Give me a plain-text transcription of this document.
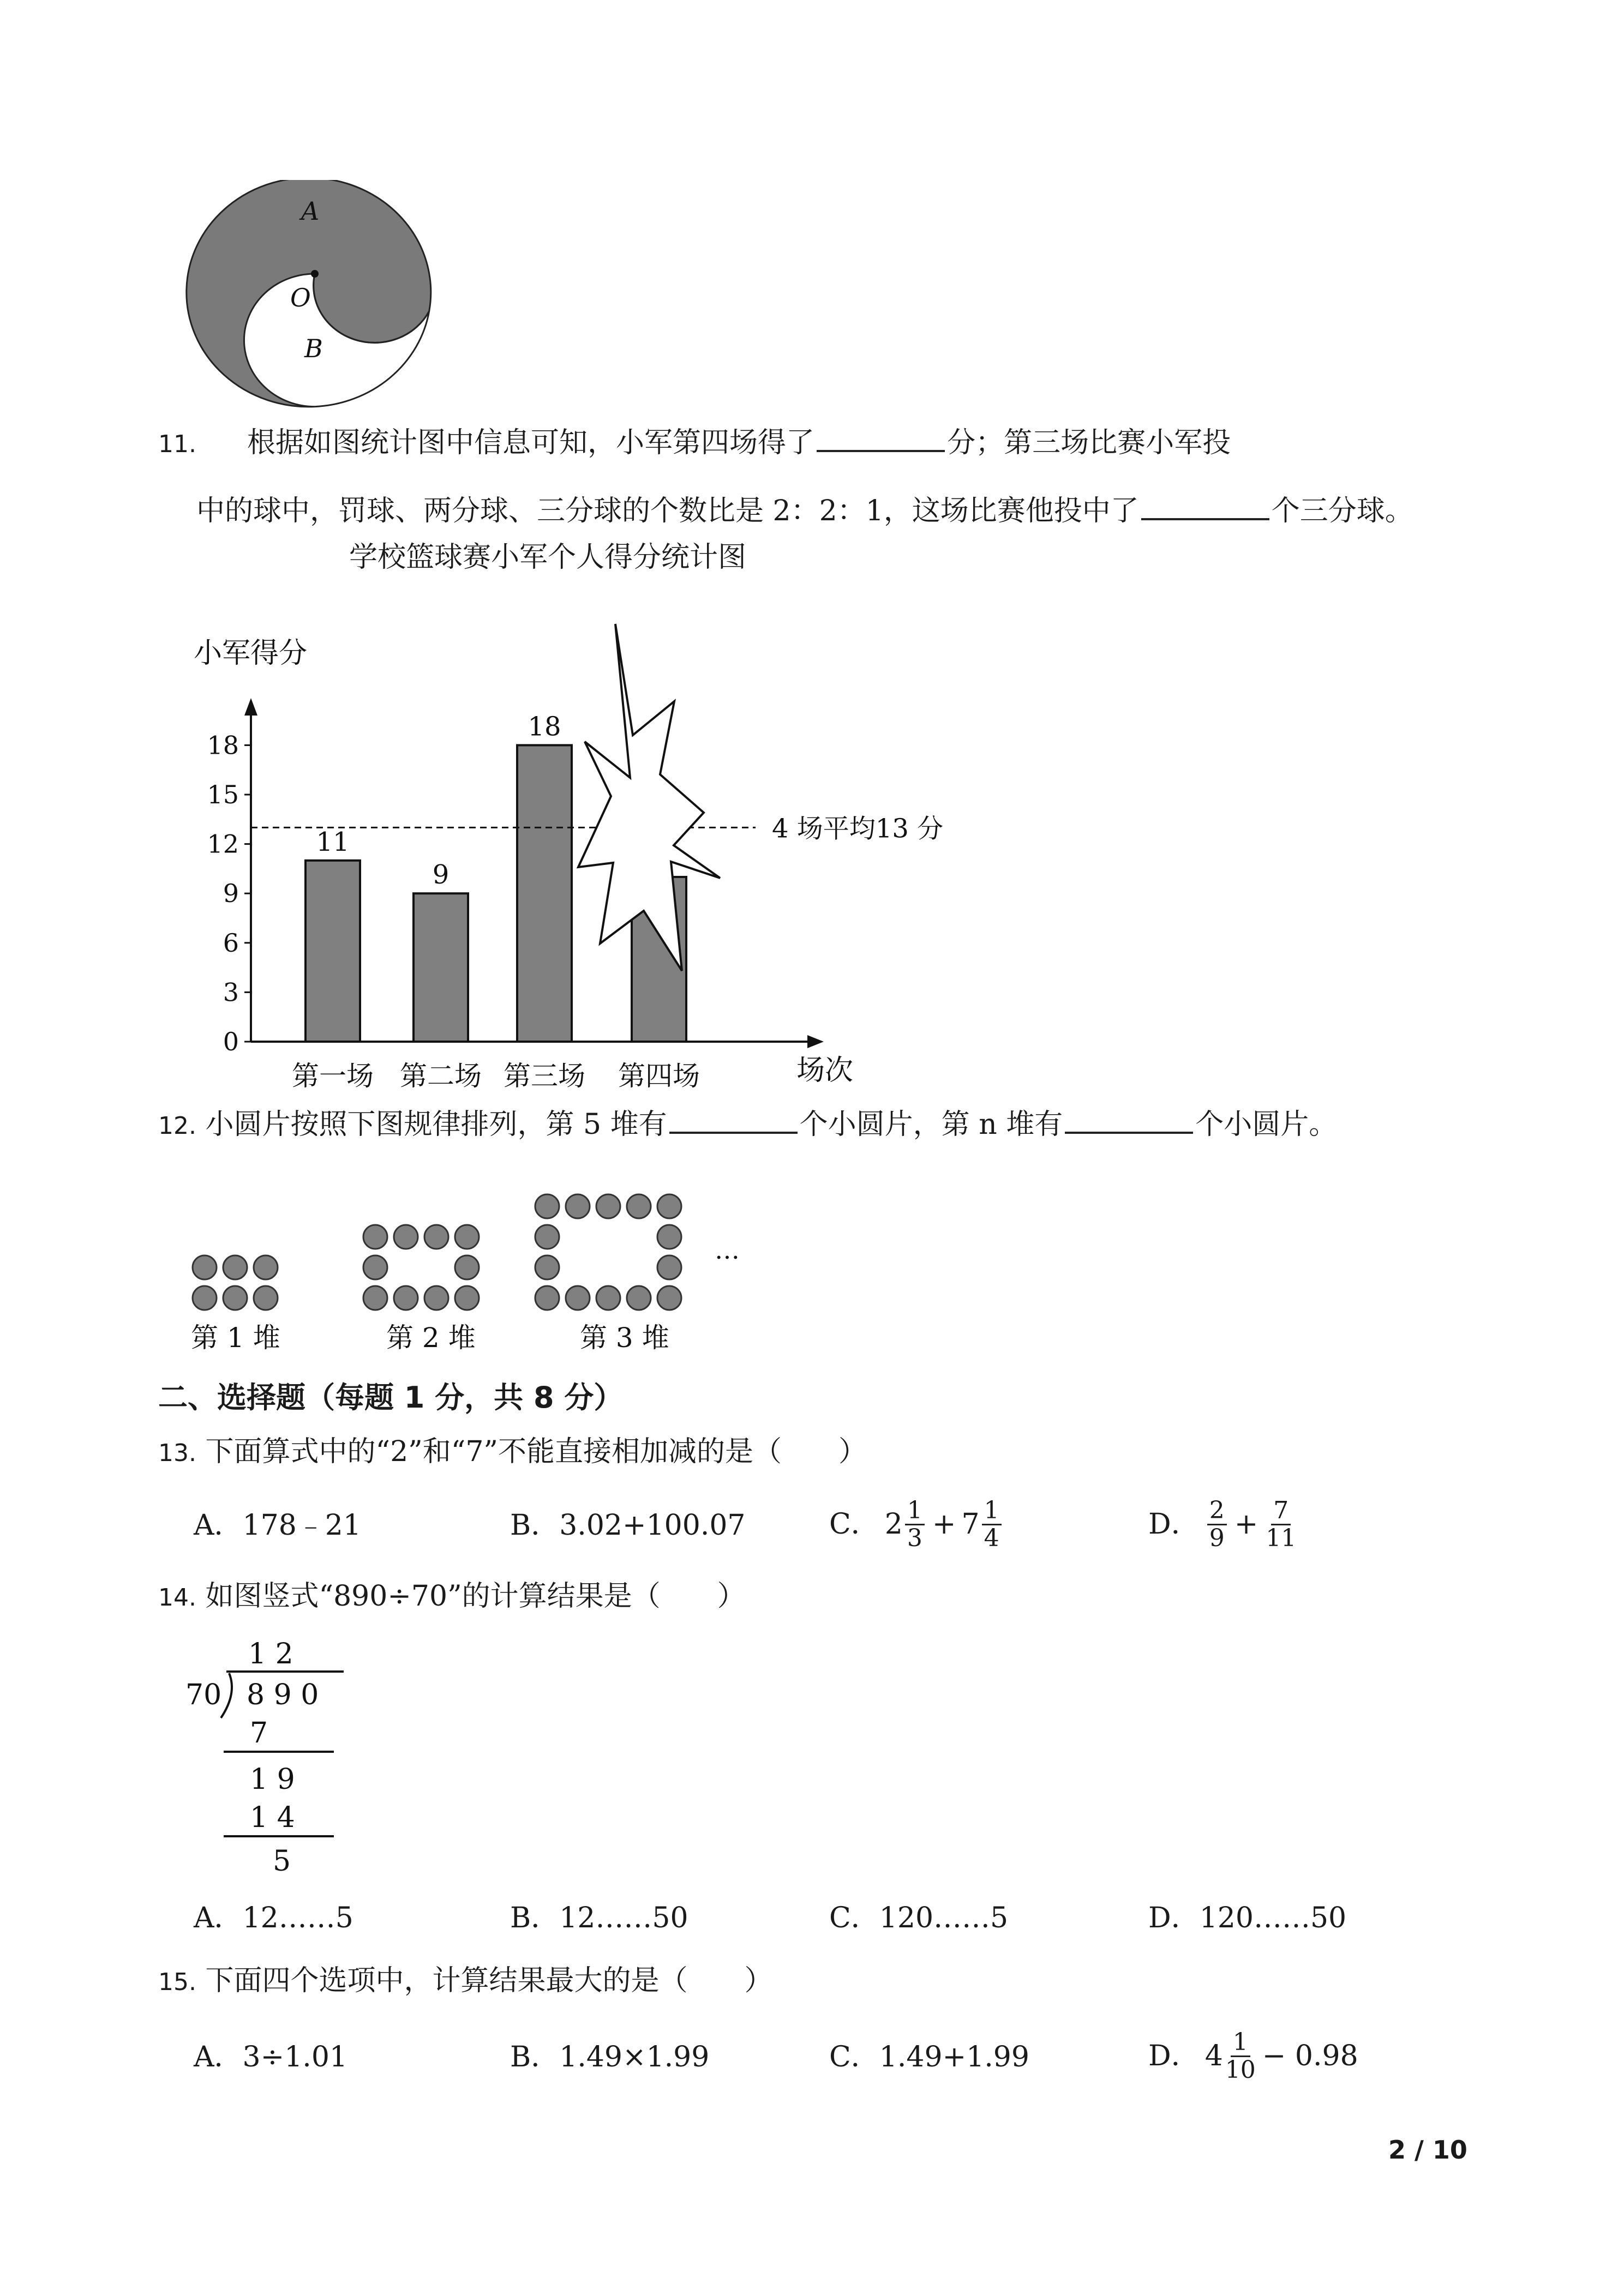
A
O
B
11. 根据如图统计图中信息可知，小军第四场得了	分；第三场比赛小军投
中的球中，罚球、两分球、三分球的个数比是 2：2：1，这场比赛他投中了	个三分球。
学校篮球赛小军个人得分统计图
小军得分
场次
0
3
6
9
12
15
18
第一场
11
第二场
9
第三场
18
第四场
4 场平均13 分
12. 小圆片按照下图规律排列，第 5 堆有	个小圆片，第 n 堆有	个小圆片。
…
第 1 堆	第 2 堆	第 3 堆
二、选择题（每题 1 分，共 8 分）
13. 下面算式中的“2”和“7”不能直接相加减的是（　　）
A．178﹣21	B．3.02+100.07	C． $2 \frac{1}{3} + 7 \frac{1}{4}$	D． $\frac{2}{9} + \frac{7}{11}$
14. 如图竖式“890÷70”的计算结果是（　　）
1 2
70 8 9 0
7
1 9
1 4
5
A．12……5	B．12……50	C．120……5	D．120……50
15. 下面四个选项中，计算结果最大的是（　　）
A．3÷1.01	B．1.49×1.99	C．1.49+1.99	D． $4 \frac{1}{10} - 0.98$
2 / 10
